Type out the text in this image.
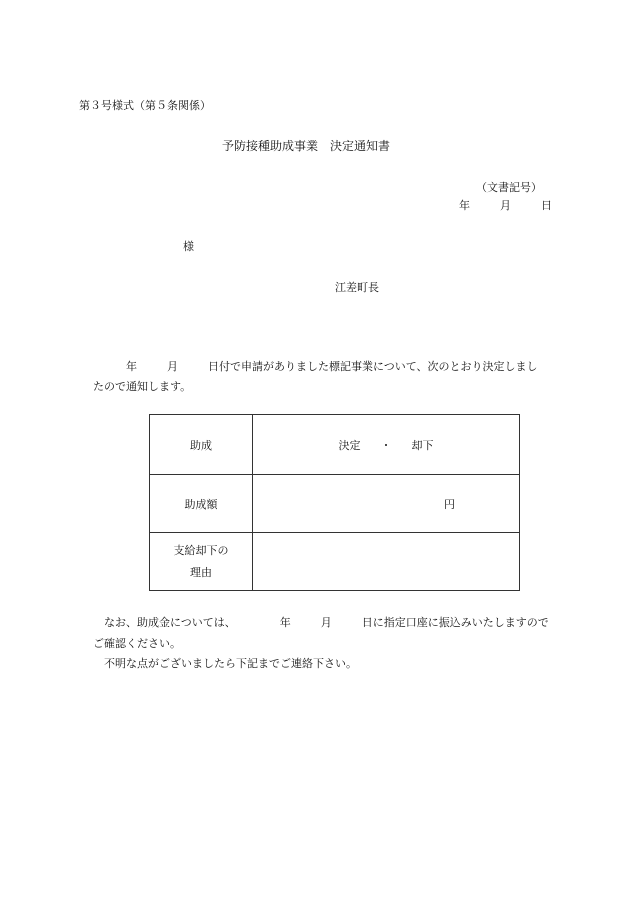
第３号様式（第５条関係）
予防接種助成事業　決定通知書
（文書記号）
年	月	日
様
江差町長
年	月	日付で申請がありました標記事業について、次のとおり決定しまし
たので通知します。
助成	決定 ・ 却下
助成額	円

支給却下の
理由	

なお、助成金については、	年	月	日に指定口座に振込みいたしますので
ご確認ください。
不明な点がございましたら下記までご連絡下さい。
